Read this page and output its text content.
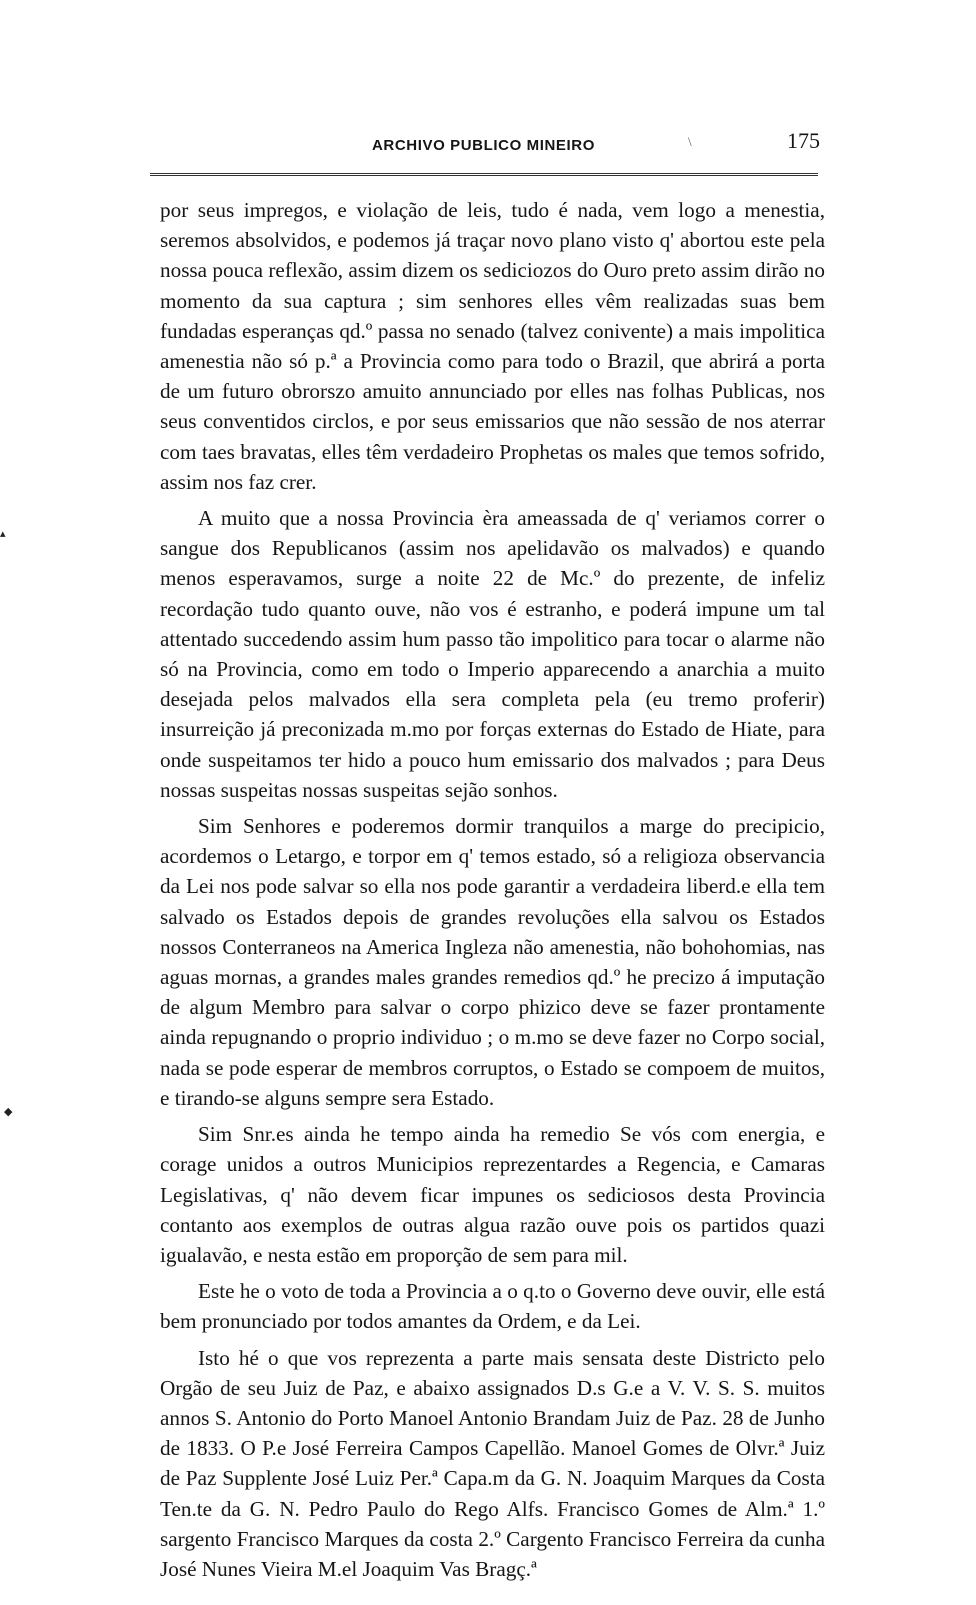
ARCHIVO PUBLICO MINEIRO	\	175
▴
◆

por seus impregos, e violação de leis, tudo é nada, vem logo a menestia, seremos absolvidos, e podemos já traçar novo plano visto q' abortou este pela nossa pouca reflexão, assim dizem os sediciozos do Ouro preto assim dirão no momento da sua captura ; sim senhores elles vêm realizadas suas bem fundadas esperanças qd.º passa no senado (talvez conivente) a mais impolitica amenestia não só p.ª a Provincia como para todo o Brazil, que abrirá a porta de um futuro obrorszo amuito annunciado por elles nas folhas Publicas, nos seus conventidos circlos, e por seus emissarios que não sessão de nos aterrar com taes bravatas, elles têm verdadeiro Prophetas os males que temos sofrido, assim nos faz crer.

A muito que a nossa Provincia èra ameassada de q' veriamos correr o sangue dos Republicanos (assim nos apelidavão os malvados) e quando menos esperavamos, surge a noite 22 de Mc.º do prezente, de infeliz recordação tudo quanto ouve, não vos é estranho, e poderá impune um tal attentado succedendo assim hum passo tão impolitico para tocar o alarme não só na Provincia, como em todo o Imperio apparecendo a anarchia a muito desejada pelos malvados ella sera completa pela (eu tremo proferir) insurreição já preconizada m.mo por forças externas do Estado de Hiate, para onde suspeitamos ter hido a pouco hum emissario dos malvados ; para Deus nossas suspeitas nossas suspeitas sejão sonhos.

Sim Senhores e poderemos dormir tranquilos a marge do precipicio, acordemos o Letargo, e torpor em q' temos estado, só a religioza observancia da Lei nos pode salvar so ella nos pode garantir a verdadeira liberd.e ella tem salvado os Estados depois de grandes revoluções ella salvou os Estados nossos Conterraneos na America Ingleza não amenestia, não bohohomias, nas aguas mornas, a grandes males grandes remedios qd.º he precizo á imputação de algum Membro para salvar o corpo phizico deve se fazer prontamente ainda repugnando o proprio individuo ; o m.mo se deve fazer no Corpo social, nada se pode esperar de membros corruptos, o Estado se compoem de muitos, e tirando-se alguns sempre sera Estado.

Sim Snr.es ainda he tempo ainda ha remedio Se vós com energia, e corage unidos a outros Municipios reprezentardes a Regencia, e Camaras Legislativas, q' não devem ficar impunes os sediciosos desta Provincia contanto aos exemplos de outras algua razão ouve pois os partidos quazi igualavão, e nesta estão em proporção de sem para mil.

Este he o voto de toda a Provincia a o q.to o Governo deve ouvir, elle está bem pronunciado por todos amantes da Ordem, e da Lei.

Isto hé o que vos reprezenta a parte mais sensata deste Districto pelo Orgão de seu Juiz de Paz, e abaixo assignados D.s G.e a V. V. S. S. muitos annos S. Antonio do Porto Manoel Antonio Brandam Juiz de Paz. 28 de Junho de 1833. O P.e José Ferreira Campos Capellão. Manoel Gomes de Olvr.ª Juiz de Paz Supplente José Luiz Per.ª Capa.m da G. N. Joaquim Marques da Costa Ten.te da G. N. Pedro Paulo do Rego Alfs. Francisco Gomes de Alm.ª 1.º sargento Francisco Marques da costa 2.º Cargento Francisco Ferreira da cunha José Nunes Vieira M.el Joaquim Vas Bragç.ª
